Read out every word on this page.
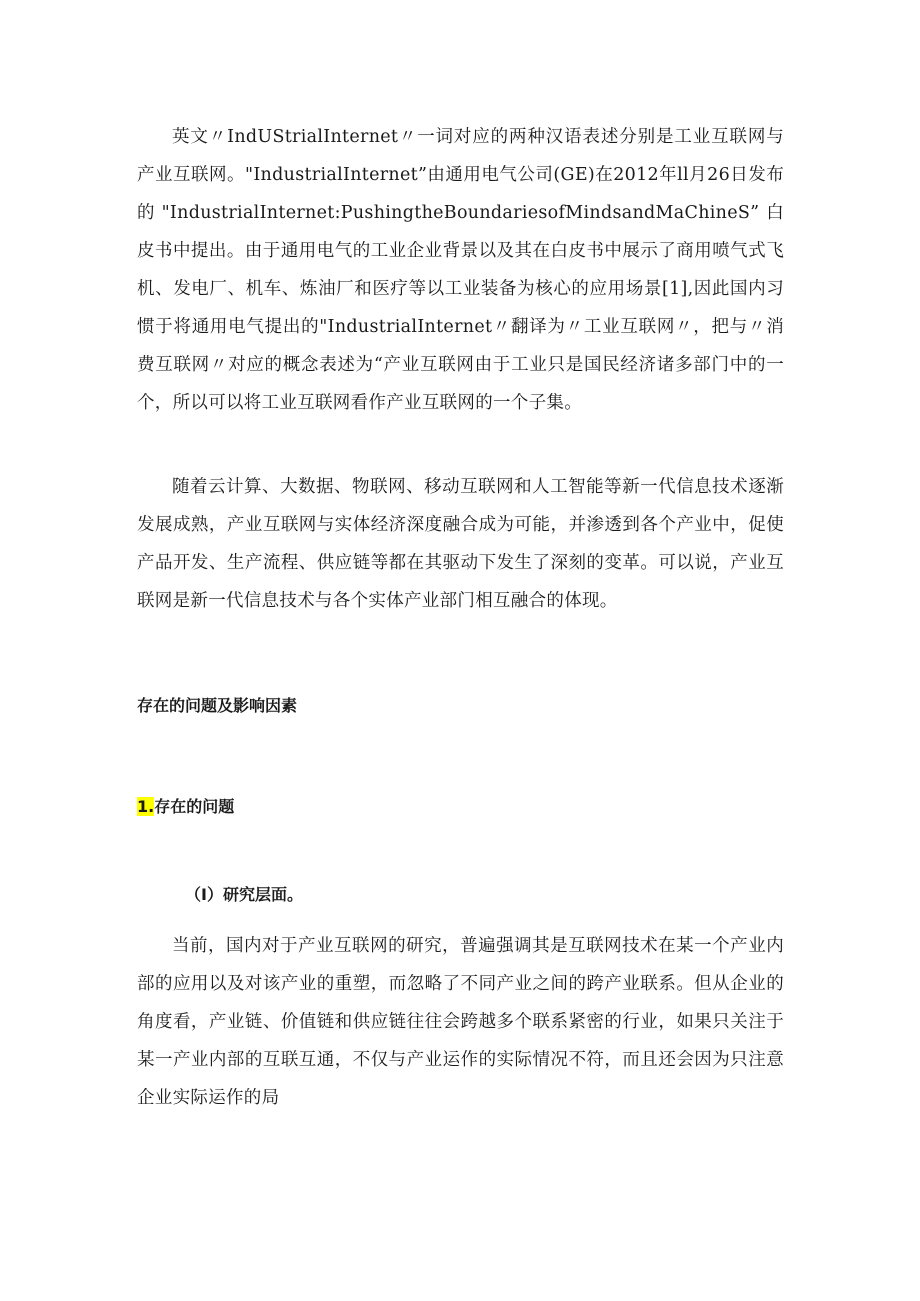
英文〃IndUStrialInternet〃一词对应的两种汉语表述分别是工业互联网与产业互联网。"IndustrialInternet”由通用电气公司(GE)在2012年ll月26日发布的"IndustrialInternet:PushingtheBoundariesofMindsandMaChineS”白皮书中提出。由于通用电气的工业企业背景以及其在白皮书中展示了商用喷气式飞机、发电厂、机车、炼油厂和医疗等以工业装备为核心的应用场景[1],因此国内习惯于将通用电气提出的"IndustrialInternet〃翻译为〃工业互联网〃，把与〃消费互联网〃对应的概念表述为“产业互联网由于工业只是国民经济诸多部门中的一个，所以可以将工业互联网看作产业互联网的一个子集。

随着云计算、大数据、物联网、移动互联网和人工智能等新一代信息技术逐渐发展成熟，产业互联网与实体经济深度融合成为可能，并渗透到各个产业中，促使产品开发、生产流程、供应链等都在其驱动下发生了深刻的变革。可以说，产业互联网是新一代信息技术与各个实体产业部门相互融合的体现。

存在的问题及影响因素
1.存在的问题
（I）研究层面。

当前，国内对于产业互联网的研究，普遍强调其是互联网技术在某一个产业内部的应用以及对该产业的重塑，而忽略了不同产业之间的跨产业联系。但从企业的角度看，产业链、价值链和供应链往往会跨越多个联系紧密的行业，如果只关注于某一产业内部的互联互通，不仅与产业运作的实际情况不符，而且还会因为只注意企业实际运作的局
